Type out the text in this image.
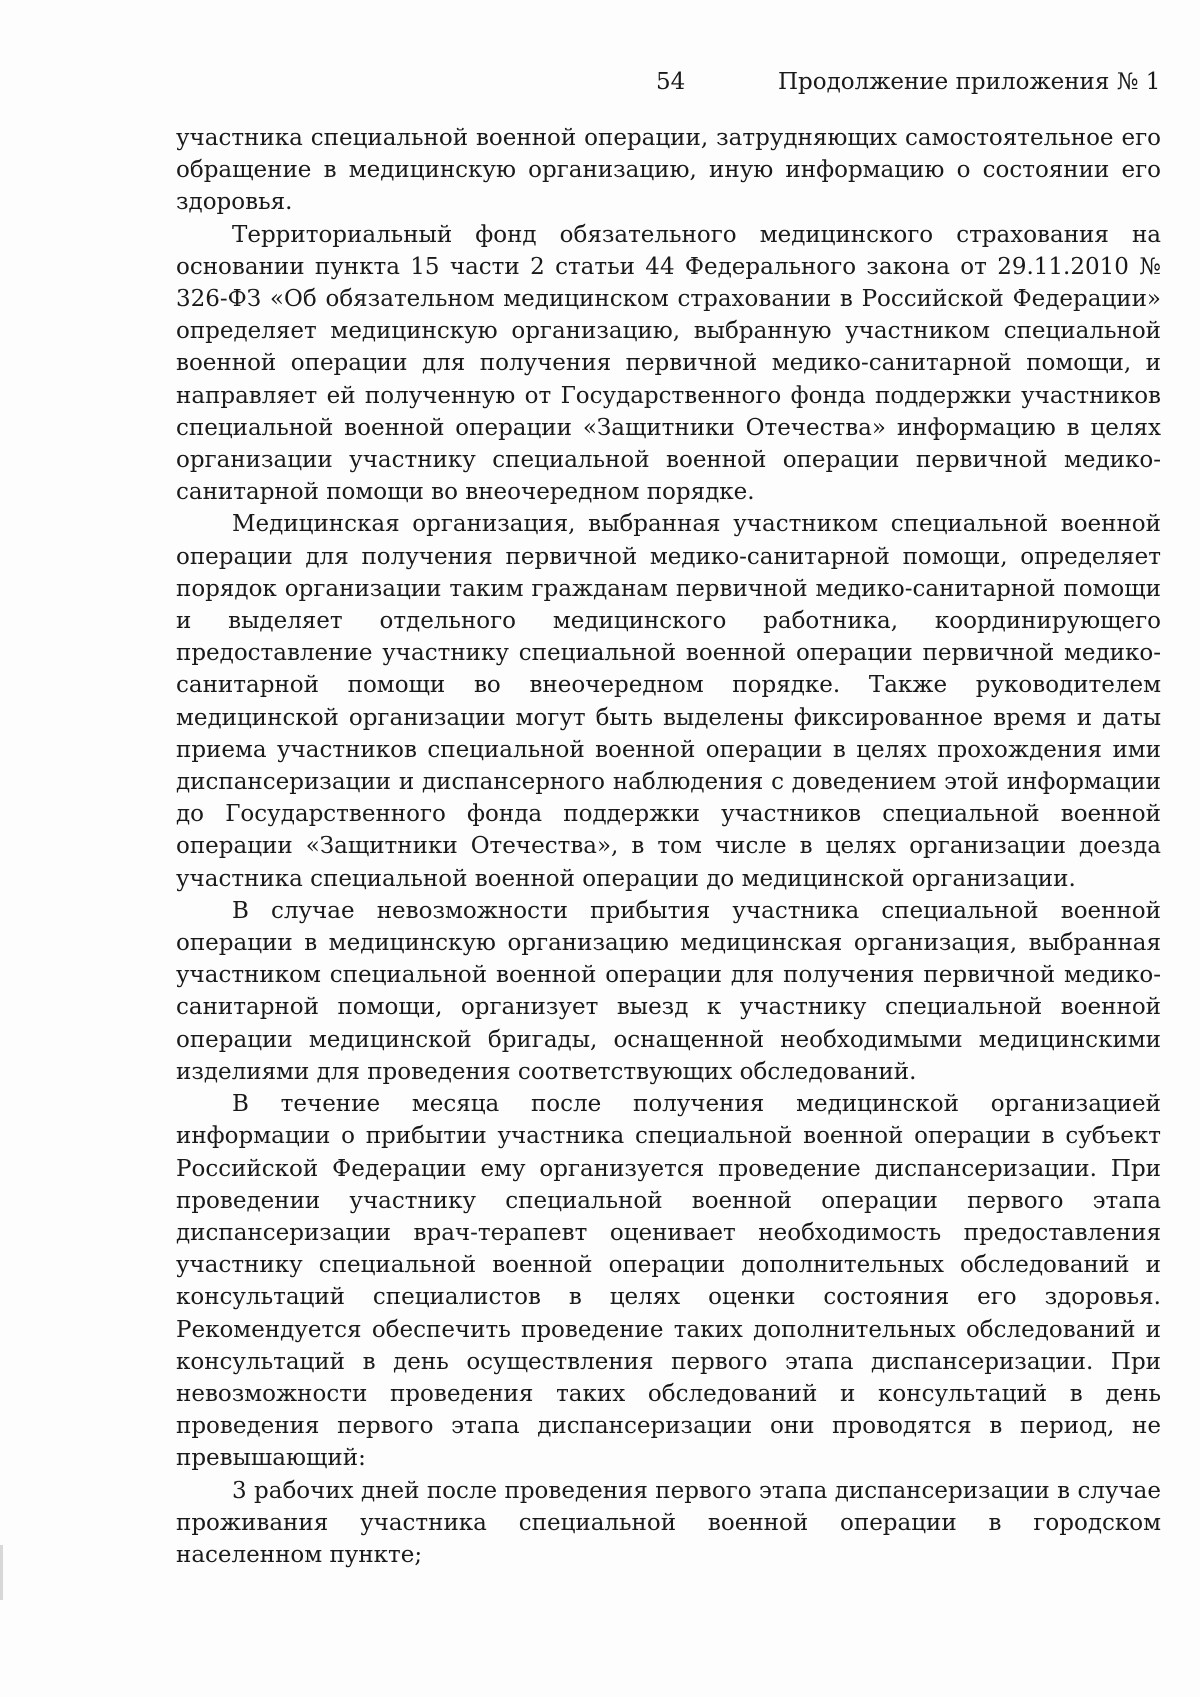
54	Продолжение приложения № 1

участника специальной военной операции, затрудняющих самостоятельное его обращение в медицинскую организацию, иную информацию о состоянии его здоровья.

Территориальный фонд обязательного медицинского страхования на основании пункта 15 части 2 статьи 44 Федерального закона от 29.11.2010 № 326-ФЗ «Об обязательном медицинском страховании в Российской Федерации» определяет медицинскую организацию, выбранную участником специальной военной операции для получения первичной медико-санитарной помощи, и направляет ей полученную от Государственного фонда поддержки участников специальной военной операции «Защитники Отечества» информацию в целях организации участнику специальной военной операции первичной медико-санитарной помощи во внеочередном порядке.

Медицинская организация, выбранная участником специальной военной операции для получения первичной медико-санитарной помощи, определяет порядок организации таким гражданам первичной медико-санитарной помощи и выделяет отдельного медицинского работника, координирующего предоставление участнику специальной военной операции первичной медико-санитарной помощи во внеочередном порядке. Также руководителем медицинской организации могут быть выделены фиксированное время и даты приема участников специальной военной операции в целях прохождения ими диспансеризации и диспансерного наблюдения с доведением этой информации до Государственного фонда поддержки участников специальной военной операции «Защитники Отечества», в том числе в целях организации доезда участника специальной военной операции до медицинской организации.

В случае невозможности прибытия участника специальной военной операции в медицинскую организацию медицинская организация, выбранная участником специальной военной операции для получения первичной медико-санитарной помощи, организует выезд к участнику специальной военной операции медицинской бригады, оснащенной необходимыми медицинскими изделиями для проведения соответствующих обследований.

В течение месяца после получения медицинской организацией информации о прибытии участника специальной военной операции в субъект Российской Федерации ему организуется проведение диспансеризации. При проведении участнику специальной военной операции первого этапа диспансеризации врач-терапевт оценивает необходимость предоставления участнику специальной военной операции дополнительных обследований и консультаций специалистов в целях оценки состояния его здоровья. Рекомендуется обеспечить проведение таких дополнительных обследований и консультаций в день осуществления первого этапа диспансеризации. При невозможности проведения таких обследований и консультаций в день проведения первого этапа диспансеризации они проводятся в период, не превышающий:

3 рабочих дней после проведения первого этапа диспансеризации в случае проживания участника специальной военной операции в городском населенном пункте;
